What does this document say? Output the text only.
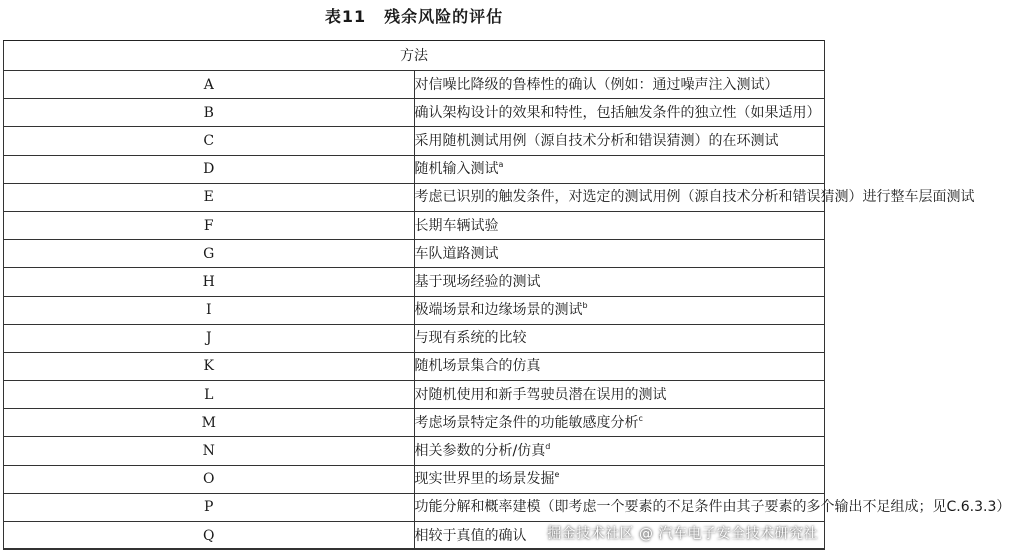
表11 残余风险的评估
方法	
A	对信噪比降级的鲁棒性的确认（例如：通过噪声注入测试）
B	确认架构设计的效果和特性，包括触发条件的独立性（如果适用）
C	采用随机测试用例（源自技术分析和错误猜测）的在环测试
D	随机输入测试$^a$
E	考虑已识别的触发条件，对选定的测试用例（源自技术分析和错误猜测）进行整车层面测试
F	长期车辆试验
G	车队道路测试
H	基于现场经验的测试
I	极端场景和边缘场景的测试$^b$
J	与现有系统的比较
K	随机场景集合的仿真
L	对随机使用和新手驾驶员潜在误用的测试
M	考虑场景特定条件的功能敏感度分析$^c$
N	相关参数的分析/仿真$^d$
O	现实世界里的场景发掘$^e$
P	功能分解和概率建模（即考虑一个要素的不足条件由其子要素的多个输出不足组成；见C.6.3.3）
Q	相较于真值的确认 掘金技术社区 @ 汽车电子安全技术研究社
